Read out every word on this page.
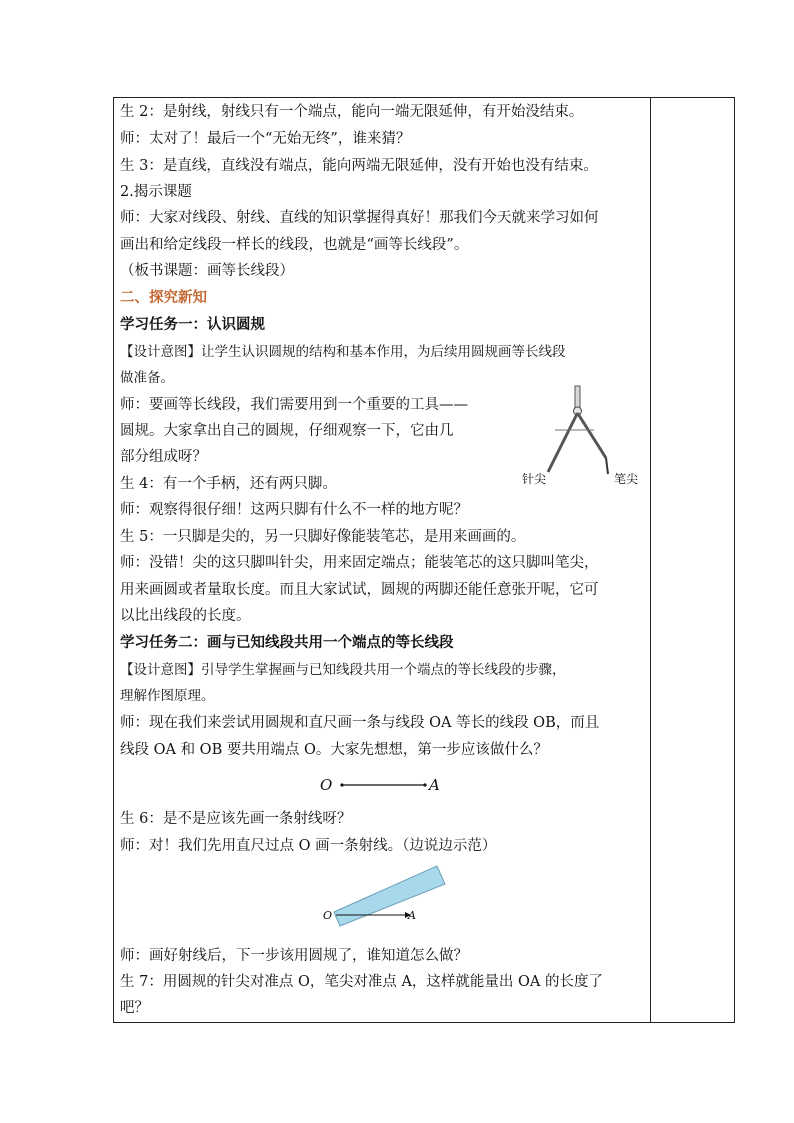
生 2：是射线，射线只有一个端点，能向一端无限延伸，有开始没结束。
师：太对了！最后一个“无始无终”，谁来猜？
生 3：是直线，直线没有端点，能向两端无限延伸，没有开始也没有结束。
2.揭示课题
师：大家对线段、射线、直线的知识掌握得真好！那我们今天就来学习如何
画出和给定线段一样长的线段，也就是“画等长线段”。
（板书课题：画等长线段）
二、探究新知
学习任务一：认识圆规
【设计意图】让学生认识圆规的结构和基本作用，为后续用圆规画等长线段
做准备。
师：要画等长线段，我们需要用到一个重要的工具——
圆规。大家拿出自己的圆规，仔细观察一下，它由几
部分组成呀？
生 4：有一个手柄，还有两只脚。
师：观察得很仔细！这两只脚有什么不一样的地方呢？
生 5：一只脚是尖的，另一只脚好像能装笔芯，是用来画画的。
师：没错！尖的这只脚叫针尖，用来固定端点；能装笔芯的这只脚叫笔尖，
用来画圆或者量取长度。而且大家试试，圆规的两脚还能任意张开呢，它可
以比出线段的长度。
学习任务二：画与已知线段共用一个端点的等长线段
【设计意图】引导学生掌握画与已知线段共用一个端点的等长线段的步骤，
理解作图原理。
师：现在我们来尝试用圆规和直尺画一条与线段 OA 等长的线段 OB，而且
线段 OA 和 OB 要共用端点 O。大家先想想，第一步应该做什么？
生 6：是不是应该先画一条射线呀？
师：对！我们先用直尺过点 O 画一条射线。（边说边示范）
师：画好射线后，下一步该用圆规了，谁知道怎么做？
生 7：用圆规的针尖对准点 O，笔尖对准点 A，这样就能量出 OA 的长度了
吧？
针尖	笔尖
O	A
O	A
